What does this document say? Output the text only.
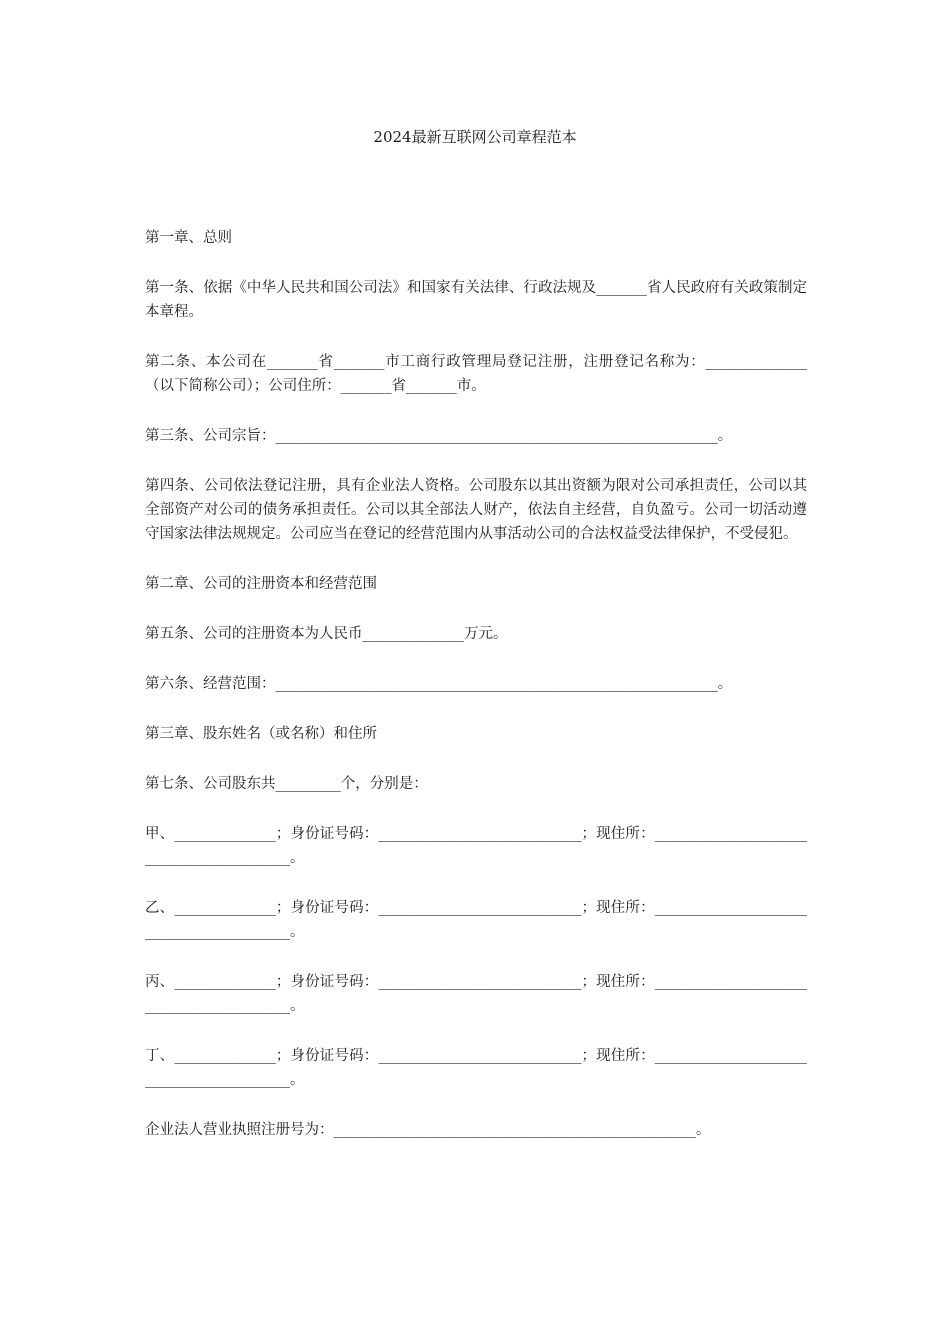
2024最新互联网公司章程范本

第一章、总则

第一条、依据《中华人民共和国公司法》和国家有关法律、行政法规及_______省人民政府有关政策制定本章程。

第二条、本公司在_______省_______市工商行政管理局登记注册，注册登记名称为：______________（以下简称公司）；公司住所：_______省_______市。

第三条、公司宗旨：_____________________________________________________________。

第四条、公司依法登记注册，具有企业法人资格。公司股东以其出资额为限对公司承担责任，公司以其全部资产对公司的债务承担责任。公司以其全部法人财产，依法自主经营，自负盈亏。公司一切活动遵守国家法律法规规定。公司应当在登记的经营范围内从事活动公司的合法权益受法律保护，不受侵犯。

第二章、公司的注册资本和经营范围

第五条、公司的注册资本为人民币______________万元。

第六条、经营范围：_____________________________________________________________。

第三章、股东姓名（或名称）和住所

第七条、公司股东共_________个，分别是：

甲、______________；身份证号码：____________________________；现住所：_________________________________________。

乙、______________；身份证号码：____________________________；现住所：_________________________________________。

丙、______________；身份证号码：____________________________；现住所：_________________________________________。

丁、______________；身份证号码：____________________________；现住所：_________________________________________。

企业法人营业执照注册号为：__________________________________________________。
